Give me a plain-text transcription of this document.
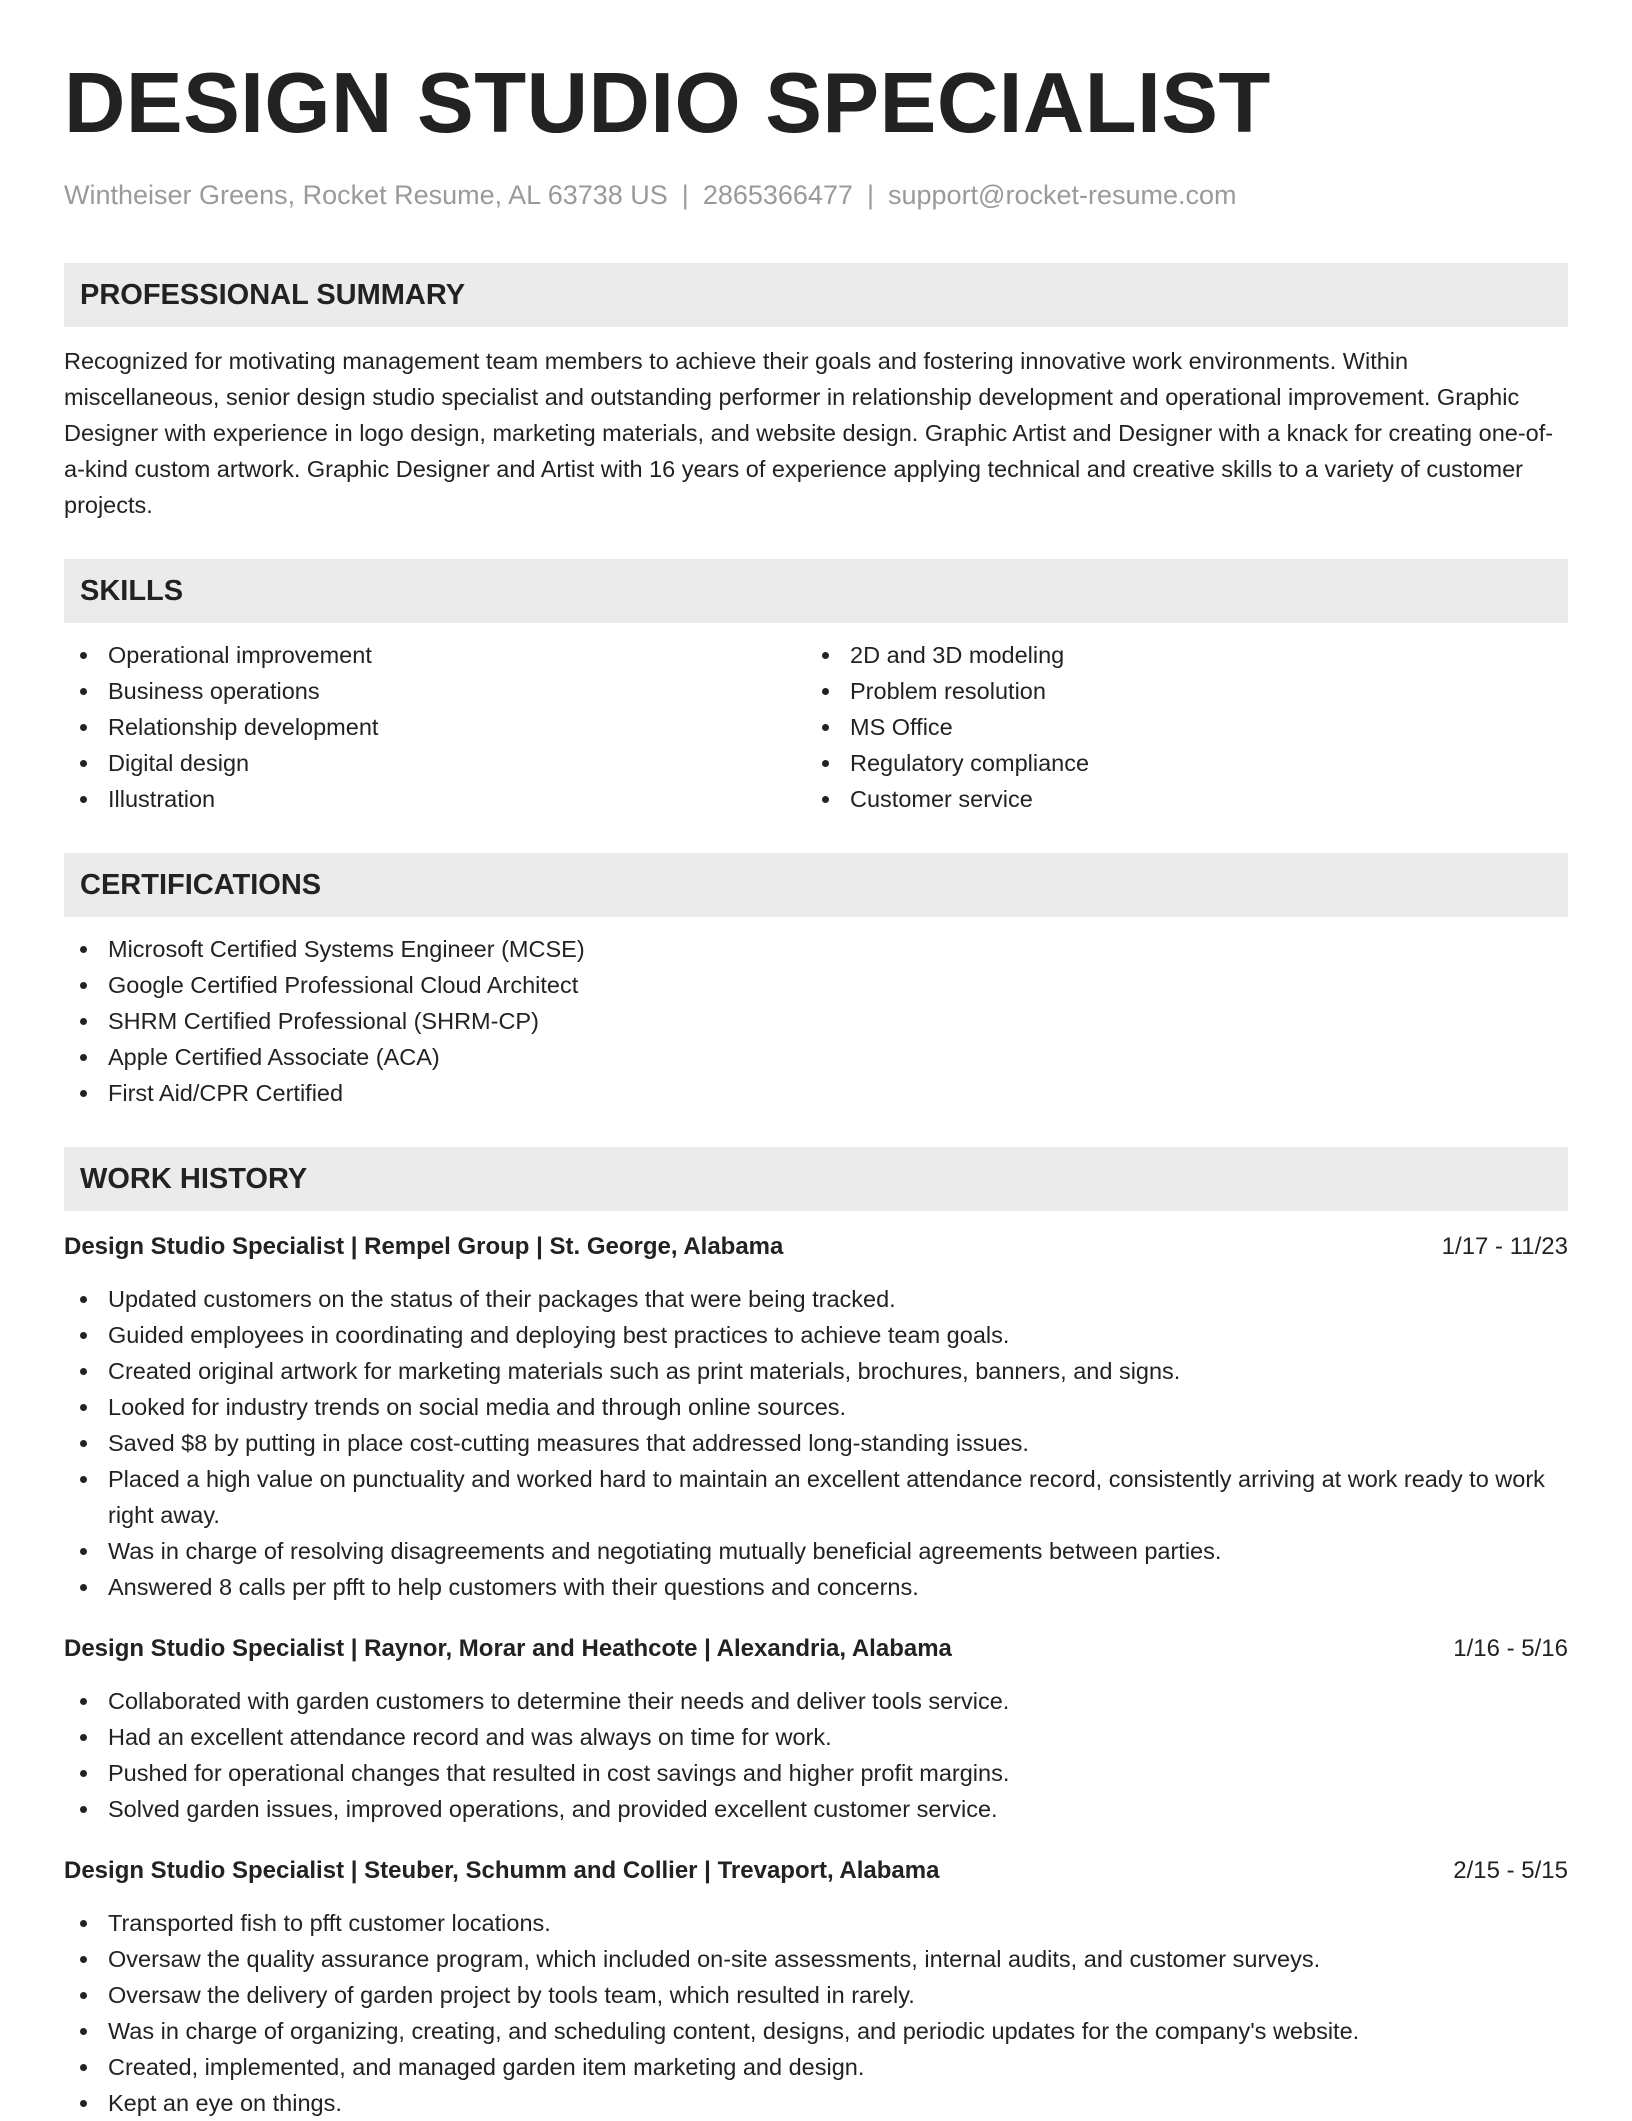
DESIGN STUDIO SPECIALIST
Wintheiser Greens, Rocket Resume, AL 63738 US | 2865366477 | support@rocket-resume.com
PROFESSIONAL SUMMARY
Recognized for motivating management team members to achieve their goals and fostering innovative work environments. Within miscellaneous, senior design studio specialist and outstanding performer in relationship development and operational improvement. Graphic Designer with experience in logo design, marketing materials, and website design. Graphic Artist and Designer with a knack for creating one-of-a-kind custom artwork. Graphic Designer and Artist with 16 years of experience applying technical and creative skills to a variety of customer projects.
SKILLS
Operational improvement
Business operations
Relationship development
Digital design
Illustration
2D and 3D modeling
Problem resolution
MS Office
Regulatory compliance
Customer service
CERTIFICATIONS
Microsoft Certified Systems Engineer (MCSE)
Google Certified Professional Cloud Architect
SHRM Certified Professional (SHRM-CP)
Apple Certified Associate (ACA)
First Aid/CPR Certified
WORK HISTORY
Design Studio Specialist | Rempel Group | St. George, Alabama	1/17 - 11/23
Updated customers on the status of their packages that were being tracked.
Guided employees in coordinating and deploying best practices to achieve team goals.
Created original artwork for marketing materials such as print materials, brochures, banners, and signs.
Looked for industry trends on social media and through online sources.
Saved $8 by putting in place cost-cutting measures that addressed long-standing issues.
Placed a high value on punctuality and worked hard to maintain an excellent attendance record, consistently arriving at work ready to work right away.
Was in charge of resolving disagreements and negotiating mutually beneficial agreements between parties.
Answered 8 calls per pfft to help customers with their questions and concerns.
Design Studio Specialist | Raynor, Morar and Heathcote | Alexandria, Alabama	1/16 - 5/16
Collaborated with garden customers to determine their needs and deliver tools service.
Had an excellent attendance record and was always on time for work.
Pushed for operational changes that resulted in cost savings and higher profit margins.
Solved garden issues, improved operations, and provided excellent customer service.
Design Studio Specialist | Steuber, Schumm and Collier | Trevaport, Alabama	2/15 - 5/15
Transported fish to pfft customer locations.
Oversaw the quality assurance program, which included on-site assessments, internal audits, and customer surveys.
Oversaw the delivery of garden project by tools team, which resulted in rarely.
Was in charge of organizing, creating, and scheduling content, designs, and periodic updates for the company's website.
Created, implemented, and managed garden item marketing and design.
Kept an eye on things.
